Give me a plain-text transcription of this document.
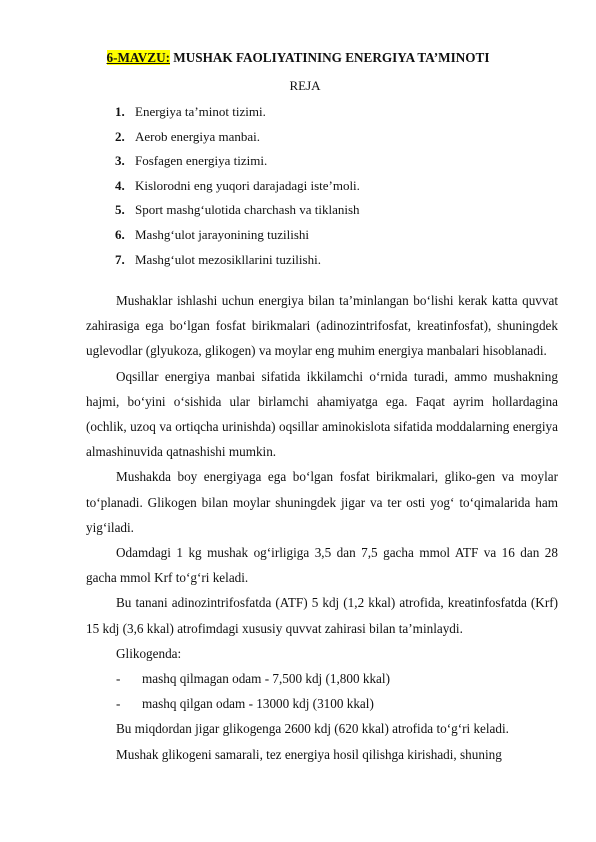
6-MAVZU: MUSHAK FAOLIYATINING ENERGIYA TA’MINOTI
REJA
1. Energiya ta’minot tizimi.
2. Aerob energiya manbai.
3. Fosfagen energiya tizimi.
4. Kislorodni eng yuqori darajadagi iste’moli.
5. Sport mashg‘ulotida charchash va tiklanish
6. Mashg‘ulot jarayonining tuzilishi
7. Mashg‘ulot mezosikllarini tuzilishi.

Mushaklar ishlashi uchun energiya bilan ta’minlangan bo‘lishi kerak katta quvvat zahirasiga ega bo‘lgan fosfat birikmalari (adinozintrifosfat, kreatinfosfat), shuningdek uglevodlar (glyukoza, glikogen) va moylar eng muhim energiya manbalari hisoblanadi.

Oqsillar energiya manbai sifatida ikkilamchi o‘rnida turadi, ammo mushakning hajmi, bo‘yini o‘sishida ular birlamchi ahamiyatga ega. Faqat ayrim hollardagina (ochlik, uzoq va ortiqcha urinishda) oqsillar aminokislota sifatida moddalarning energiya almashinuvida qatnashishi mumkin.

Mushakda boy energiyaga ega bo‘lgan fosfat birikmalari, gliko-gen va moylar to‘planadi. Glikogen bilan moylar shuningdek jigar va ter osti yog‘ to‘qimalarida ham yig‘iladi.

Odamdagi 1 kg mushak og‘irligiga 3,5 dan 7,5 gacha mmol ATF va 16 dan 28 gacha mmol Krf to‘g‘ri keladi.

Bu tanani adinozintrifosfatda (ATF) 5 kdj (1,2 kkal) atrofida, kreatinfosfatda (Krf) 15 kdj (3,6 kkal) atrofimdagi xususiy quvvat zahirasi bilan ta’minlaydi.

Glikogenda:

- mashq qilmagan odam - 7,500 kdj (1,800 kkal)

- mashq qilgan odam - 13000 kdj (3100 kkal)

Bu miqdordan jigar glikogenga 2600 kdj (620 kkal) atrofida to‘g‘ri keladi.

Mushak glikogeni samarali, tez energiya hosil qilishga kirishadi, shuning
